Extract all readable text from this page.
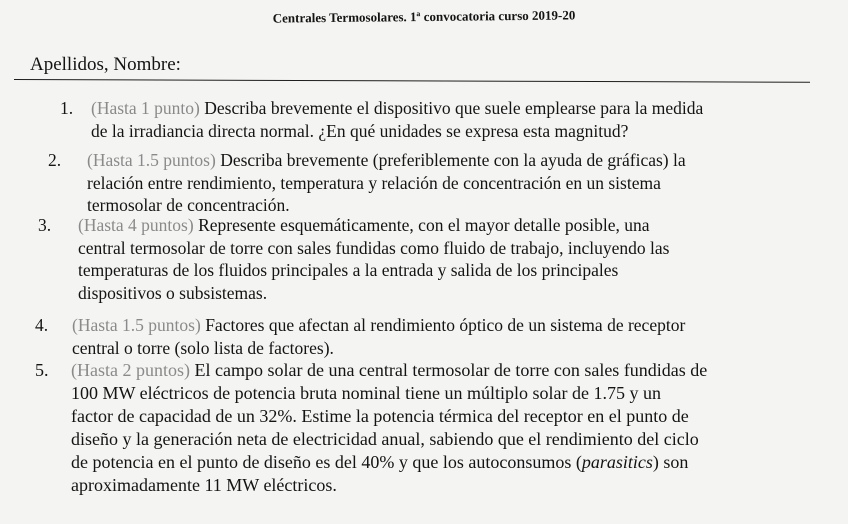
Centrales Termosolares. 1ª convocatoria curso 2019-20
Apellidos, Nombre:
1. (Hasta 1 punto) Describa brevemente el dispositivo que suele emplearse para la medida
de la irradiancia directa normal. ¿En qué unidades se expresa esta magnitud?
2. (Hasta 1.5 puntos) Describa brevemente (preferiblemente con la ayuda de gráficas) la
relación entre rendimiento, temperatura y relación de concentración en un sistema
termosolar de concentración.
3. (Hasta 4 puntos) Represente esquemáticamente, con el mayor detalle posible, una
central termosolar de torre con sales fundidas como fluido de trabajo, incluyendo las
temperaturas de los fluidos principales a la entrada y salida de los principales
dispositivos o subsistemas.
4. (Hasta 1.5 puntos) Factores que afectan al rendimiento óptico de un sistema de receptor
central o torre (solo lista de factores).
5. (Hasta 2 puntos) El campo solar de una central termosolar de torre con sales fundidas de
100 MW eléctricos de potencia bruta nominal tiene un múltiplo solar de 1.75 y un
factor de capacidad de un 32%. Estime la potencia térmica del receptor en el punto de
diseño y la generación neta de electricidad anual, sabiendo que el rendimiento del ciclo
de potencia en el punto de diseño es del 40% y que los autoconsumos (parasitics) son
aproximadamente 11 MW eléctricos.
